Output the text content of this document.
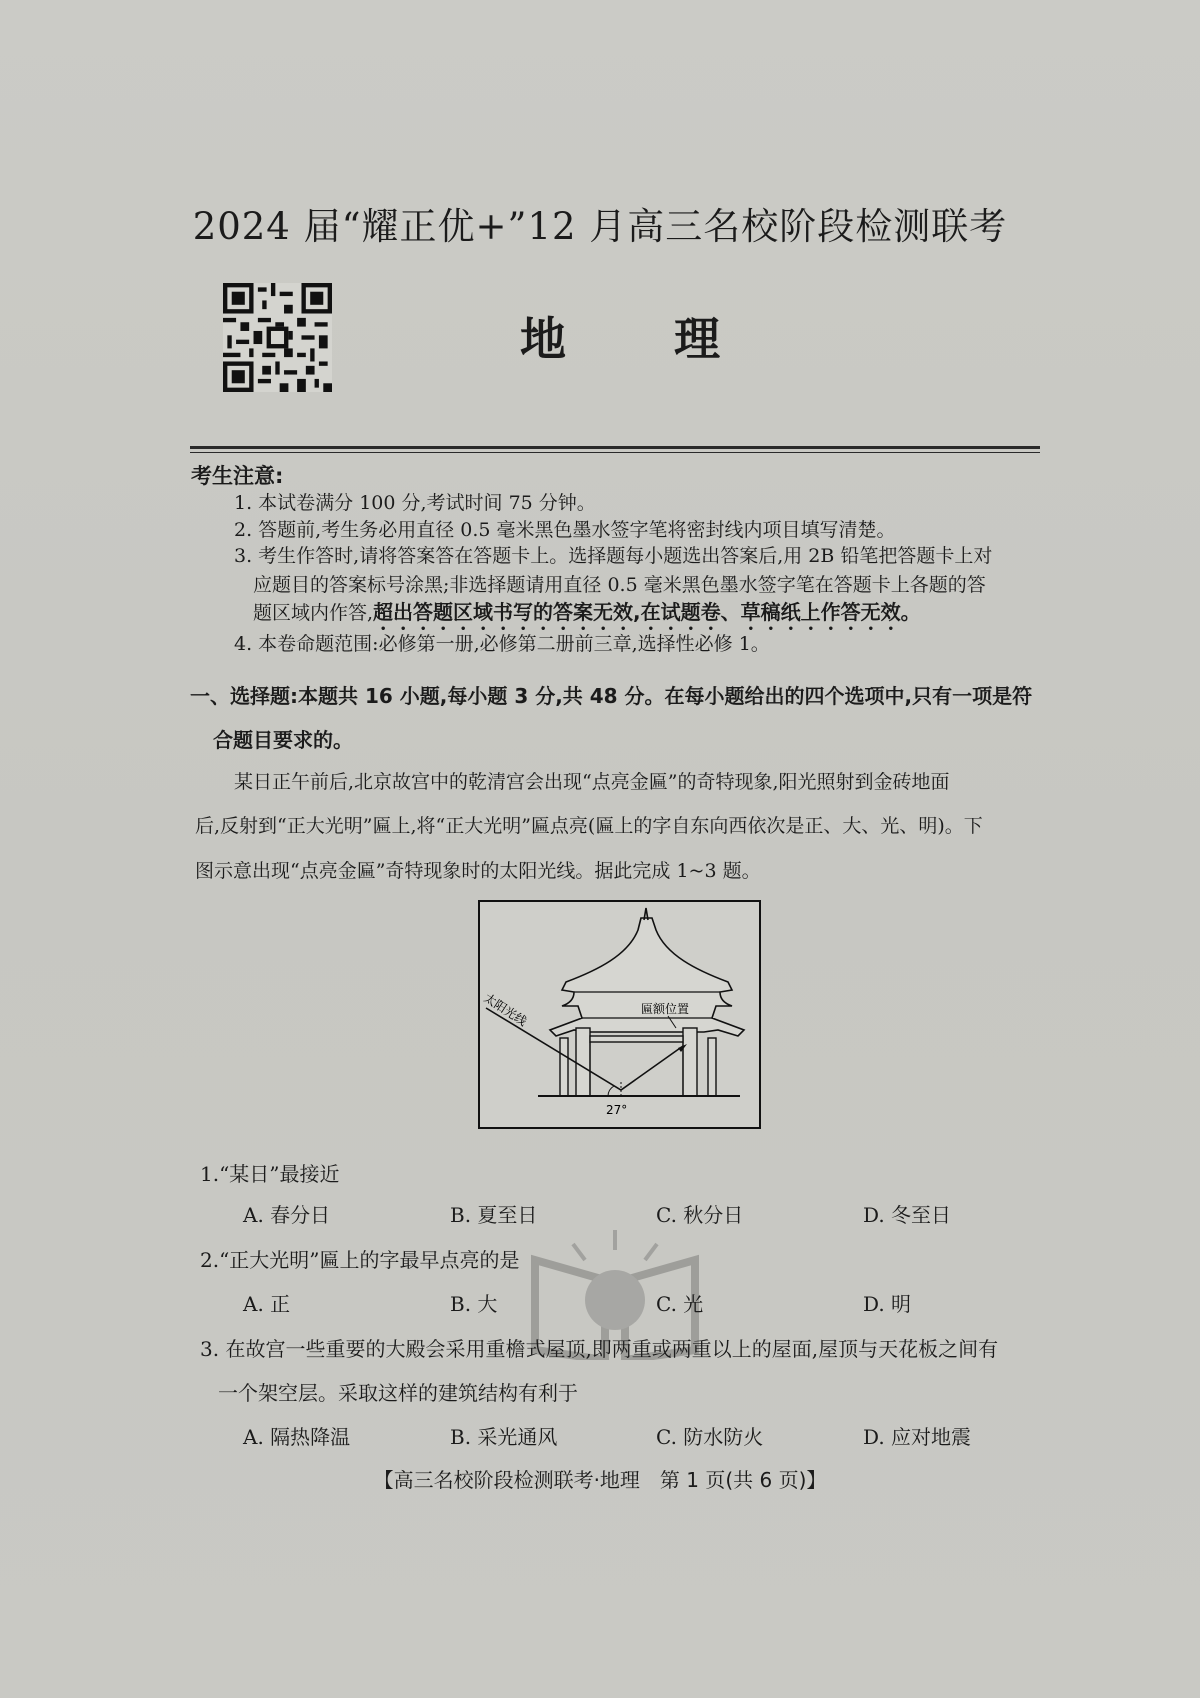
2024 届“耀正优+”12 月高三名校阶段检测联考
地理
考生注意:
1. 本试卷满分 100 分,考试时间 75 分钟。
2. 答题前,考生务必用直径 0.5 毫米黑色墨水签字笔将密封线内项目填写清楚。
3. 考生作答时,请将答案答在答题卡上。选择题每小题选出答案后,用 2B 铅笔把答题卡上对
应题目的答案标号涂黑;非选择题请用直径 0.5 毫米黑色墨水签字笔在答题卡上各题的答
题区域内作答,超出答题区域书写的答案无效,在试题卷、草稿纸上作答无效。
4. 本卷命题范围:必修第一册,必修第二册前三章,选择性必修 1。
一、选择题:本题共 16 小题,每小题 3 分,共 48 分。在每小题给出的四个选项中,只有一项是符
合题目要求的。
某日正午前后,北京故宫中的乾清宫会出现“点亮金匾”的奇特现象,阳光照射到金砖地面
后,反射到“正大光明”匾上,将“正大光明”匾点亮(匾上的字自东向西依次是正、大、光、明)。下
图示意出现“点亮金匾”奇特现象时的太阳光线。据此完成 1~3 题。
太阳光线	匾额位置
27°
1.“某日”最接近
A. 春分日	B. 夏至日	C. 秋分日	D. 冬至日
2.“正大光明”匾上的字最早点亮的是
A. 正	B. 大	C. 光	D. 明
3. 在故宫一些重要的大殿会采用重檐式屋顶,即两重或两重以上的屋面,屋顶与天花板之间有
一个架空层。采取这样的建筑结构有利于
A. 隔热降温	B. 采光通风	C. 防水防火	D. 应对地震
【高三名校阶段检测联考·地理　第 1 页(共 6 页)】
